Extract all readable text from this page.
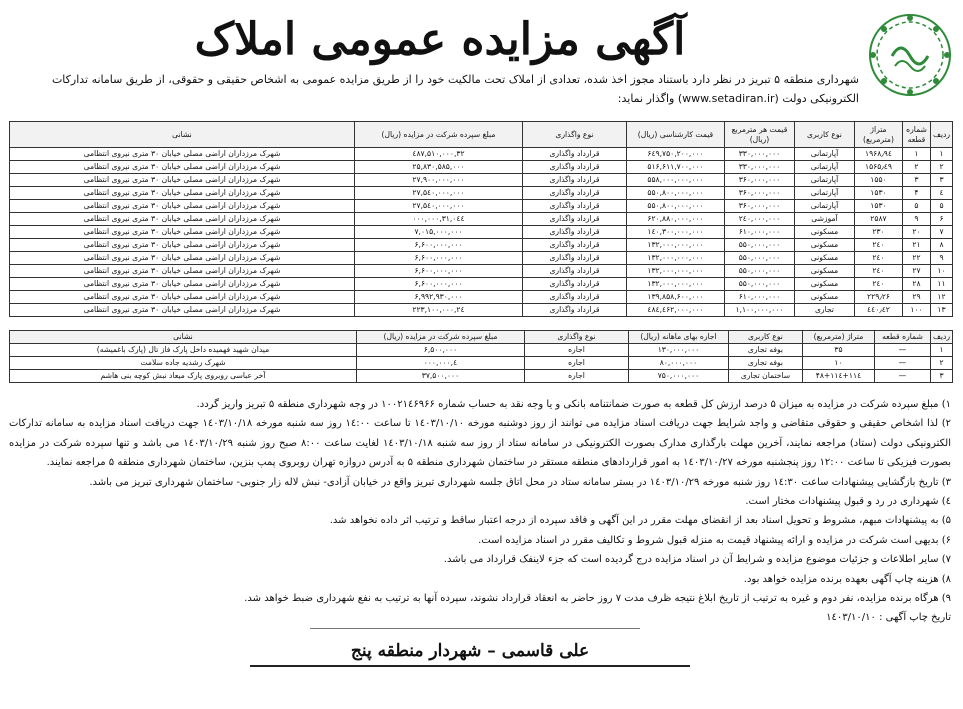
آگهی مزایده عمومی املاک
شهرداری منطقه ۵ تبریز در نظر دارد باستناد مجوز اخذ شده، تعدادی از املاک تحت مالکیت خود را از طریق مزایده عمومی به اشخاص حقیقی و حقوقی، از طریق سامانه تدارکات الکترونیکی دولت (www.setadiran.ir) واگذار نماید:
ردیف	شماره قطعه	متراژ (مترمربع)	نوع کاربری	قیمت هر مترمربع (ریال)	قیمت کارشناسی (ریال)	نوع واگذاری	مبلغ سپرده شرکت در مزایده (ریال)	نشانی
۱	۱	۱۹۶۸٫۹٤	آپارتمانی	۳۳۰,۰۰۰,۰۰۰	۶٤۹,۷۵۰,۲۰۰,۰۰۰	قرارداد واگذاری	۳۲,٤۸۷,۵۱۰,۰۰۰	شهرک مرزداران اراضی مصلی خیابان ۳۰ متری نیروی انتظامی
۲	۲	۱۵۶۵٫٤۹	آپارتمانی	۳۳۰,۰۰۰,۰۰۰	۵۱۶,۶۱۱,۷۰۰,۰۰۰	قرارداد واگذاری	۲۵,۸۳۰,۵۸۵,۰۰۰	شهرک مرزداران اراضی مصلی خیابان ۳۰ متری نیروی انتظامی
۳	۳	۱۵۵۰	آپارتمانی	۳۶۰,۰۰۰,۰۰۰	۵۵۸,۰۰۰,۰۰۰,۰۰۰	قرارداد واگذاری	۲۷,۹۰۰,۰۰۰,۰۰۰	شهرک مرزداران اراضی مصلی خیابان ۳۰ متری نیروی انتظامی
٤	۴	۱۵۳۰	آپارتمانی	۳۶۰,۰۰۰,۰۰۰	۵۵۰,۸۰۰,۰۰۰,۰۰۰	قرارداد واگذاری	۲۷,۵٤۰,۰۰۰,۰۰۰	شهرک مرزداران اراضی مصلی خیابان ۳۰ متری نیروی انتظامی
۵	۵	۱۵۳۰	آپارتمانی	۳۶۰,۰۰۰,۰۰۰	۵۵۰,۸۰۰,۰۰۰,۰۰۰	قرارداد واگذاری	۲۷,۵٤۰,۰۰۰,۰۰۰	شهرک مرزداران اراضی مصلی خیابان ۳۰ متری نیروی انتظامی
۶	۹	۲۵۸۷	آموزشی	۲٤۰,۰۰۰,۰۰۰	۶۲۰,۸۸۰,۰۰۰,۰۰۰	قرارداد واگذاری	۳۱,۰٤٤,۰۰۰,۰۰۰	شهرک مرزداران اراضی مصلی خیابان ۳۰ متری نیروی انتظامی
۷	۲۰	۲۳۰	مسکونی	۶۱۰,۰۰۰,۰۰۰	۱٤۰,۳۰۰,۰۰۰,۰۰۰	قرارداد واگذاری	۷,۰۱۵,۰۰۰,۰۰۰	شهرک مرزداران اراضی مصلی خیابان ۳۰ متری نیروی انتظامی
۸	۲۱	۲٤۰	مسکونی	۵۵۰,۰۰۰,۰۰۰	۱۳۲,۰۰۰,۰۰۰,۰۰۰	قرارداد واگذاری	۶,۶۰۰,۰۰۰,۰۰۰	شهرک مرزداران اراضی مصلی خیابان ۳۰ متری نیروی انتظامی
۹	۲۲	۲٤۰	مسکونی	۵۵۰,۰۰۰,۰۰۰	۱۳۲,۰۰۰,۰۰۰,۰۰۰	قرارداد واگذاری	۶,۶۰۰,۰۰۰,۰۰۰	شهرک مرزداران اراضی مصلی خیابان ۳۰ متری نیروی انتظامی
۱۰	۲۷	۲٤۰	مسکونی	۵۵۰,۰۰۰,۰۰۰	۱۳۲,۰۰۰,۰۰۰,۰۰۰	قرارداد واگذاری	۶,۶۰۰,۰۰۰,۰۰۰	شهرک مرزداران اراضی مصلی خیابان ۳۰ متری نیروی انتظامی
۱۱	۲۸	۲٤۰	مسکونی	۵۵۰,۰۰۰,۰۰۰	۱۳۲,۰۰۰,۰۰۰,۰۰۰	قرارداد واگذاری	۶,۶۰۰,۰۰۰,۰۰۰	شهرک مرزداران اراضی مصلی خیابان ۳۰ متری نیروی انتظامی
۱۲	۲۹	۲۲۹٫۲۶	مسکونی	۶۱۰,۰۰۰,۰۰۰	۱۳۹,۸۵۸,۶۰۰,۰۰۰	قرارداد واگذاری	۶,۹۹۲,۹۳۰,۰۰۰	شهرک مرزداران اراضی مصلی خیابان ۳۰ متری نیروی انتظامی
۱۳	۱۰۰	٤٤۰٫٤۲	تجاری	۱,۱۰۰,۰۰۰,۰۰۰	٤۸٤,٤۶۲,۰۰۰,۰۰۰	قرارداد واگذاری	۲٤,۲۲۳,۱۰۰,۰۰۰	شهرک مرزداران اراضی مصلی خیابان ۳۰ متری نیروی انتظامی
ردیف	شماره قطعه	متراژ (مترمربع)	نوع کاربری	اجاره بهای ماهانه (ریال)	نوع واگذاری	مبلغ سپرده شرکت در مزایده (ریال)	نشانی
۱	—	۳۵	بوفه تجاری	۱۳۰,۰۰۰,۰۰۰	اجاره	۶,۵۰۰,۰۰۰	میدان شهید فهمیده داخل پارک فاز تال (پارک باغمیشه)
۲	—	۱۰	بوفه تجاری	۸۰,۰۰۰,۰۰۰	اجاره	٤,۰۰۰,۰۰۰	شهرک رشدیه جاده سلامت
۳	—	۱۱٤+۴۸+۱۱٤	ساختمان تجاری	۷۵۰,۰۰۰,۰۰۰	اجاره	۳۷,۵۰۰,۰۰۰	آخر عباسی روبروی پارک میعاد نبش کوچه بنی هاشم

۱) مبلغ سپرده شرکت در مزایده به میزان ۵ درصد ارزش کل قطعه به صورت ضمانتنامه بانکی و یا وجه نقد به حساب شماره ۱۰۰۲۱٤۶۹۶۶ در وجه شهرداری منطقه ۵ تبریز واریز گردد.

۲) لذا اشخاص حقیقی و حقوقی متقاضی و واجد شرایط جهت دریافت اسناد مزایده می توانند از روز دوشنبه مورخه ۱٤۰۳/۱۰/۱۰ تا ساعت ۱٤:۰۰ روز سه شنبه مورخه ۱٤۰۳/۱۰/۱۸ جهت دریافت اسناد مزایده به سامانه تدارکات الکترونیکی دولت (ستاد) مراجعه نمایند، آخرین مهلت بارگذاری مدارک بصورت الکترونیکی در سامانه ستاد از روز سه شنبه ۱٤۰۳/۱۰/۱۸ لغایت ساعت ۸:۰۰ صبح روز شنبه ۱٤۰۳/۱۰/۲۹ می باشد و تنها سپرده شرکت در مزایده بصورت فیزیکی تا ساعت ۱۲:۰۰ روز پنجشنبه مورخه ۱٤۰۳/۱۰/۲۷ به امور قراردادهای منطقه مستقر در ساختمان شهرداری منطقه ۵ به آدرس دروازه تهران روبروی پمپ بنزین، ساختمان شهرداری منطقه ۵ مراجعه نمایند.

۳) تاریخ بازگشایی پیشنهادات ساعت ۱٤:۳۰ روز شنبه مورخه ۱٤۰۳/۱۰/۲۹ در بستر سامانه ستاد در محل اتاق جلسه شهرداری تبریز واقع در خیابان آزادی- نبش لاله زار جنوبی- ساختمان شهرداری تبریز می باشد.

٤) شهرداری در رد و قبول پیشنهادات مختار است.

۵) به پیشنهادات مبهم، مشروط و تحویل اسناد بعد از انقضای مهلت مقرر در این آگهی و فاقد سپرده از درجه اعتبار ساقط و ترتیب اثر داده نخواهد شد.

۶) بدیهی است شرکت در مزایده و ارائه پیشنهاد قیمت به منزله قبول شروط و تکالیف مقرر در اسناد مزایده است.

۷) سایر اطلاعات و جزئیات موضوع مزایده و شرایط آن در اسناد مزایده درج گردیده است که جزء لاینفک قرارداد می باشد.

۸) هزینه چاپ آگهی بعهده برنده مزایده خواهد بود.

۹) هرگاه برنده مزایده، نفر دوم و غیره به ترتیب از تاریخ ابلاغ نتیجه ظرف مدت ۷ روز حاضر به انعقاد قرارداد نشوند، سپرده آنها به ترتیب به نفع شهرداری ضبط خواهد شد.

تاریخ چاپ آگهی : ۱٤۰۳/۱۰/۱۰

علی قاسمی – شهردار منطقه پنج
